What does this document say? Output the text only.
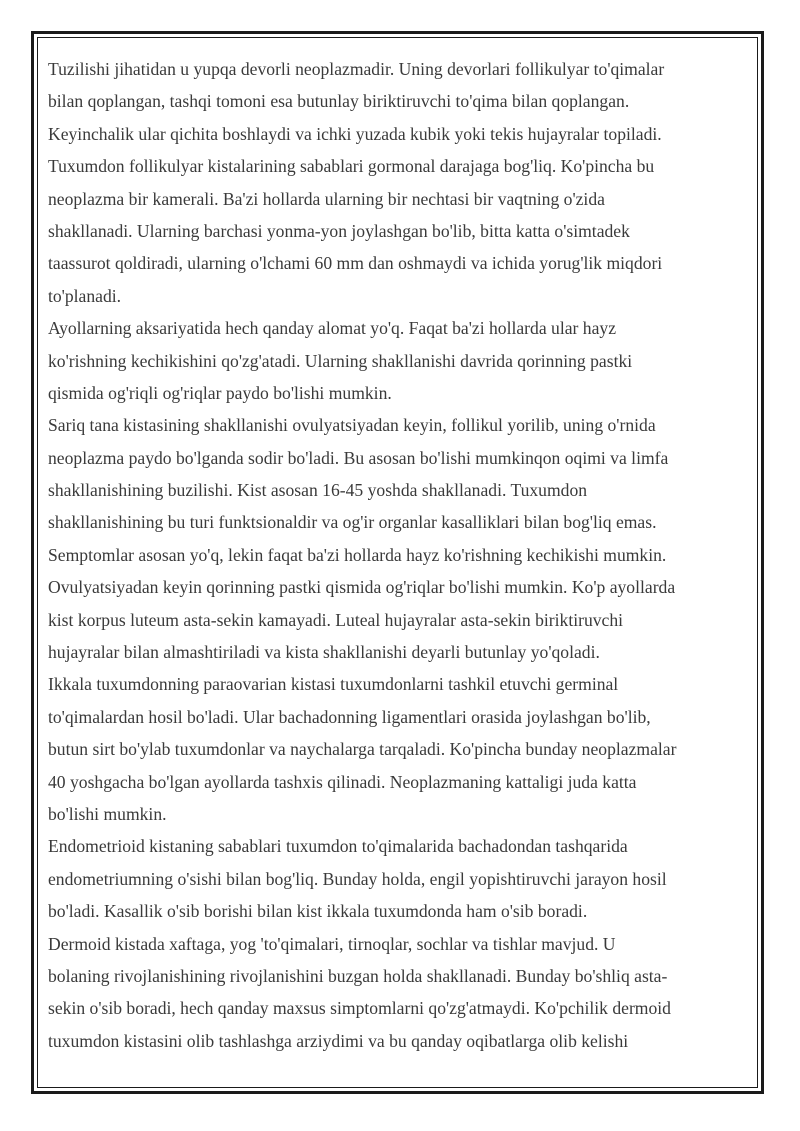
Tuzilishi jihatidan u yupqa devorli neoplazmadir. Uning devorlari follikulyar to'qimalar
bilan qoplangan, tashqi tomoni esa butunlay biriktiruvchi to'qima bilan qoplangan.
Keyinchalik ular qichita boshlaydi va ichki yuzada kubik yoki tekis hujayralar topiladi.
Tuxumdon follikulyar kistalarining sabablari gormonal darajaga bog'liq. Ko'pincha bu
neoplazma bir kamerali. Ba'zi hollarda ularning bir nechtasi bir vaqtning o'zida
shakllanadi. Ularning barchasi yonma-yon joylashgan bo'lib, bitta katta o'simtadek
taassurot qoldiradi, ularning o'lchami 60 mm dan oshmaydi va ichida yorug'lik miqdori
to'planadi.
Ayollarning aksariyatida hech qanday alomat yo'q. Faqat ba'zi hollarda ular hayz
ko'rishning kechikishini qo'zg'atadi. Ularning shakllanishi davrida qorinning pastki
qismida og'riqli og'riqlar paydo bo'lishi mumkin.
Sariq tana kistasining shakllanishi ovulyatsiyadan keyin, follikul yorilib, uning o'rnida
neoplazma paydo bo'lganda sodir bo'ladi. Bu asosan bo'lishi mumkinqon oqimi va limfa
shakllanishining buzilishi. Kist asosan 16-45 yoshda shakllanadi. Tuxumdon
shakllanishining bu turi funktsionaldir va og'ir organlar kasalliklari bilan bog'liq emas.
Semptomlar asosan yo'q, lekin faqat ba'zi hollarda hayz ko'rishning kechikishi mumkin.
Ovulyatsiyadan keyin qorinning pastki qismida og'riqlar bo'lishi mumkin. Ko'p ayollarda
kist korpus luteum asta-sekin kamayadi. Luteal hujayralar asta-sekin biriktiruvchi
hujayralar bilan almashtiriladi va kista shakllanishi deyarli butunlay yo'qoladi.
Ikkala tuxumdonning paraovarian kistasi tuxumdonlarni tashkil etuvchi germinal
to'qimalardan hosil bo'ladi. Ular bachadonning ligamentlari orasida joylashgan bo'lib,
butun sirt bo'ylab tuxumdonlar va naychalarga tarqaladi. Ko'pincha bunday neoplazmalar
40 yoshgacha bo'lgan ayollarda tashxis qilinadi. Neoplazmaning kattaligi juda katta
bo'lishi mumkin.
Endometrioid kistaning sabablari tuxumdon to'qimalarida bachadondan tashqarida
endometriumning o'sishi bilan bog'liq. Bunday holda, engil yopishtiruvchi jarayon hosil
bo'ladi. Kasallik o'sib borishi bilan kist ikkala tuxumdonda ham o'sib boradi.
Dermoid kistada xaftaga, yog 'to'qimalari, tirnoqlar, sochlar va tishlar mavjud. U
bolaning rivojlanishining rivojlanishini buzgan holda shakllanadi. Bunday bo'shliq asta-
sekin o'sib boradi, hech qanday maxsus simptomlarni qo'zg'atmaydi. Ko'pchilik dermoid
tuxumdon kistasini olib tashlashga arziydimi va bu qanday oqibatlarga olib kelishi
